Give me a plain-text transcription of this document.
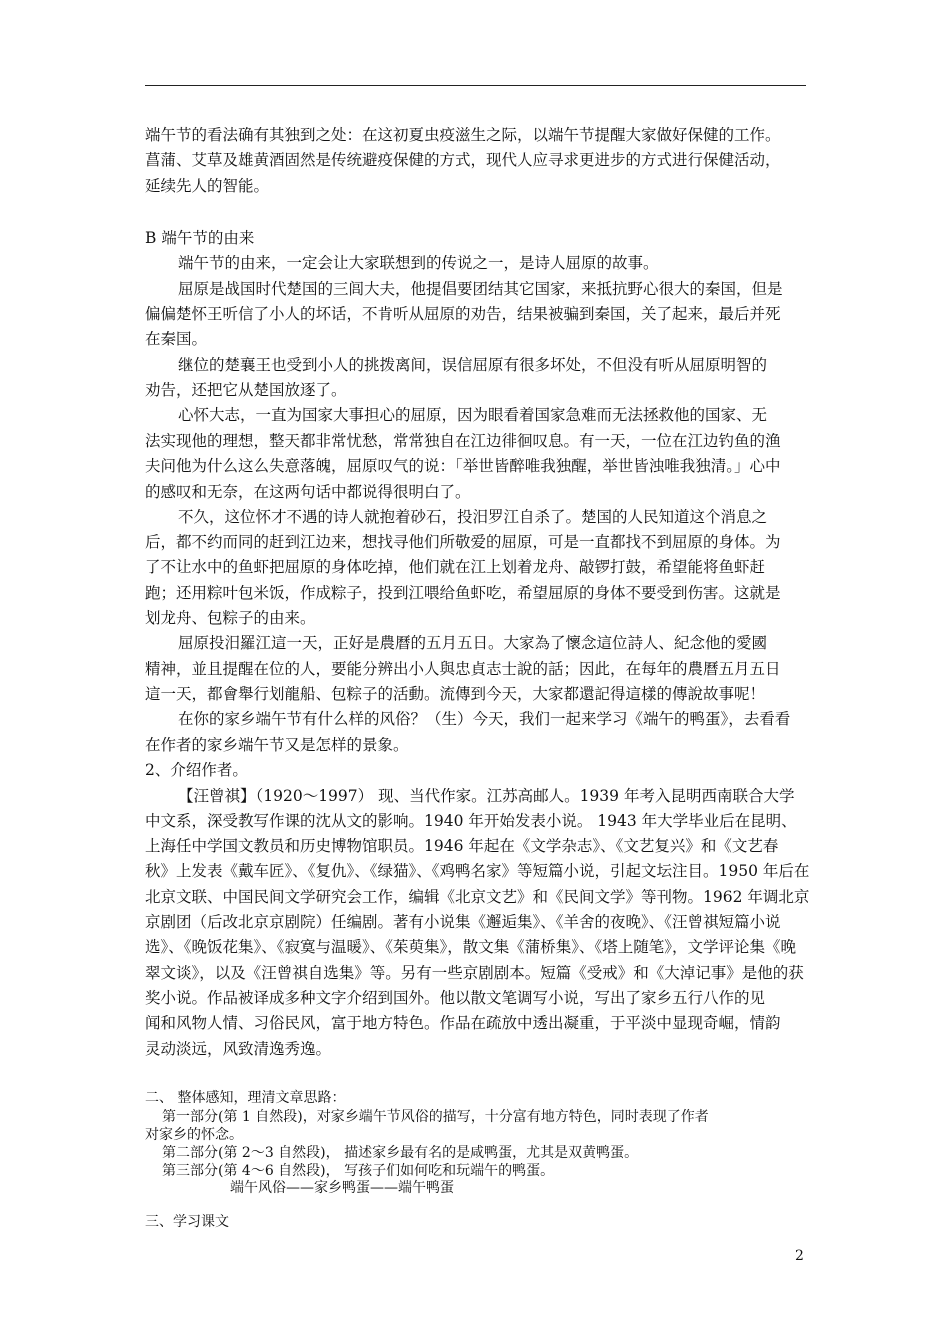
端午节的看法确有其独到之处：在这初夏虫疫滋生之际，以端午节提醒大家做好保健的工作。
菖蒲、艾草及雄黄酒固然是传统避疫保健的方式，现代人应寻求更进步的方式进行保健活动，
延续先人的智能。
B 端午节的由来
端午节的由来，一定会让大家联想到的传说之一，是诗人屈原的故事。
屈原是战国时代楚国的三闾大夫，他提倡要团结其它国家，来抵抗野心很大的秦国，但是
偏偏楚怀王听信了小人的坏话，不肯听从屈原的劝告，结果被骗到秦国，关了起来，最后并死
在秦国。
继位的楚襄王也受到小人的挑拨离间，误信屈原有很多坏处，不但没有听从屈原明智的
劝告，还把它从楚国放逐了。
心怀大志，一直为国家大事担心的屈原，因为眼看着国家急难而无法拯救他的国家、无
法实现他的理想，整天都非常忧愁，常常独自在江边徘徊叹息。有一天，一位在江边钓鱼的渔
夫问他为什么这么失意落魄，屈原叹气的说：「举世皆醉唯我独醒，举世皆浊唯我独清。」心中
的感叹和无奈，在这两句话中都说得很明白了。
不久，这位怀才不遇的诗人就抱着砂石，投汨罗江自杀了。楚国的人民知道这个消息之
后，都不约而同的赶到江边来，想找寻他们所敬爱的屈原，可是一直都找不到屈原的身体。为
了不让水中的鱼虾把屈原的身体吃掉，他们就在江上划着龙舟、敲锣打鼓，希望能将鱼虾赶
跑；还用粽叶包米饭，作成粽子，投到江喂给鱼虾吃，希望屈原的身体不要受到伤害。这就是
划龙舟、包粽子的由来。
屈原投汨羅江這一天，正好是農曆的五月五日。大家為了懷念這位詩人、紀念他的愛國
精神，並且提醒在位的人，要能分辨出小人與忠貞志士說的話；因此，在每年的農曆五月五日
這一天，都會舉行划龍船、包粽子的活動。流傳到今天，大家都還記得這樣的傳說故事呢！
在你的家乡端午节有什么样的风俗？（生）今天，我们一起来学习《端午的鸭蛋》，去看看
在作者的家乡端午节又是怎样的景象。
2、介绍作者。
【汪曾祺】（1920～1997） 现、当代作家。江苏高邮人。1939 年考入昆明西南联合大学
中文系，深受教写作课的沈从文的影响。1940 年开始发表小说。 1943 年大学毕业后在昆明、
上海任中学国文教员和历史博物馆职员。1946 年起在《文学杂志》、《文艺复兴》和《文艺春
秋》上发表《戴车匠》、《复仇》、《绿猫》、《鸡鸭名家》等短篇小说，引起文坛注目。1950 年后在
北京文联、中国民间文学研究会工作，编辑《北京文艺》和《民间文学》等刊物。1962 年调北京
京剧团（后改北京京剧院）任编剧。著有小说集《邂逅集》、《羊舍的夜晚》、《汪曾祺短篇小说
选》、《晚饭花集》、《寂寞与温暖》、《茱萸集》，散文集《蒲桥集》、《塔上随笔》，文学评论集《晚
翠文谈》，以及《汪曾祺自选集》等。另有一些京剧剧本。短篇《受戒》和《大淖记事》是他的获
奖小说。作品被译成多种文字介绍到国外。他以散文笔调写小说，写出了家乡五行八作的见
闻和风物人情、习俗民风，富于地方特色。作品在疏放中透出凝重，于平淡中显现奇崛，情韵
灵动淡远，风致清逸秀逸。
二、 整体感知，理清文章思路：
第一部分(第 1 自然段)，对家乡端午节风俗的描写，十分富有地方特色，同时表现了作者
对家乡的怀念。
第二部分(第 2～3 自然段)， 描述家乡最有名的是咸鸭蛋，尤其是双黄鸭蛋。
第三部分(第 4～6 自然段)， 写孩子们如何吃和玩端午的鸭蛋。
端午风俗——家乡鸭蛋——端午鸭蛋
三、学习课文
2
